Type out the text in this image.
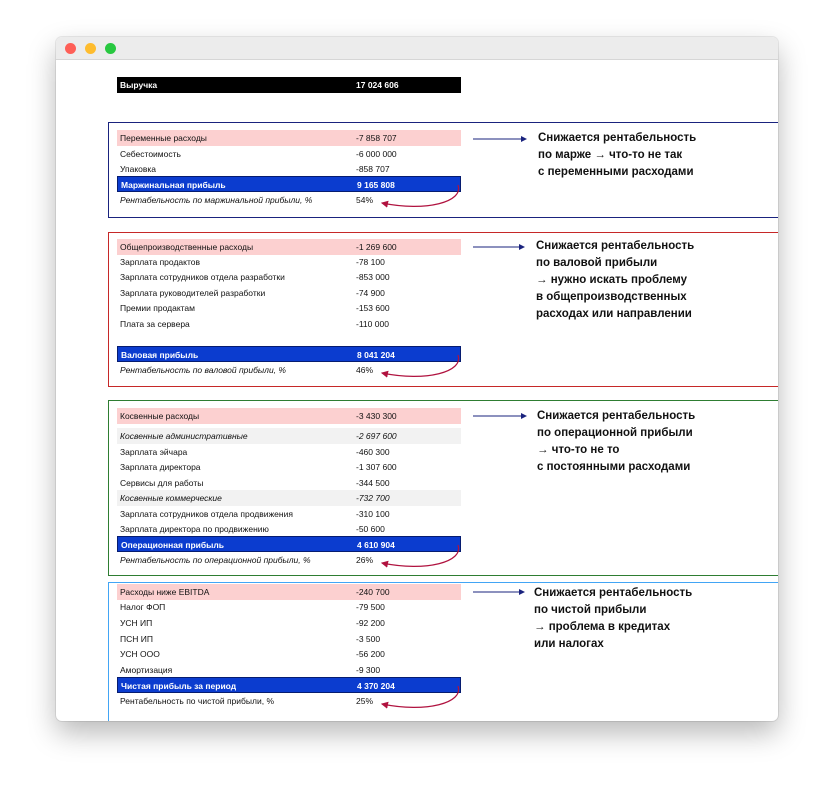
Выручка	17 024 606
Переменные расходы	-7 858 707
Себестоимость	-6 000 000
Упаковка	-858 707
Маржинальная прибыль	9 165 808
Рентабельность по маржинальной прибыли, %	54%
Снижается рентабельность
по марже → что-то не так
с переменными расходами
Общепроизводственные расходы	-1 269 600
Зарплата продактов	-78 100
Зарплата сотрудников отдела разработки	-853 000
Зарплата руководителей разработки	-74 900
Премии продактам	-153 600
Плата за сервера	-110 000
Валовая прибыль	8 041 204
Рентабельность по валовой прибыли, %	46%
Снижается рентабельность
по валовой прибыли
→ нужно искать проблему
в общепроизводственных
расходах или направлении
Косвенные расходы	-3 430 300
Косвенные административные	-2 697 600
Зарплата эйчара	-460 300
Зарплата директора	-1 307 600
Сервисы для работы	-344 500
Косвенные коммерческие	-732 700
Зарплата сотрудников отдела продвижения	-310 100
Зарплата директора по продвижению	-50 600
Операционная прибыль	4 610 904
Рентабельность по операционной прибыли, %	26%
Снижается рентабельность
по операционной прибыли
→ что-то не то
с постоянными расходами
Расходы ниже EBITDA	-240 700
Налог ФОП	-79 500
УСН ИП	-92 200
ПСН ИП	-3 500
УСН ООО	-56 200
Амортизация	-9 300
Чистая прибыль за период	4 370 204
Рентабельность по чистой прибыли, %	25%
Снижается рентабельность
по чистой прибыли
→ проблема в кредитах
или налогах
